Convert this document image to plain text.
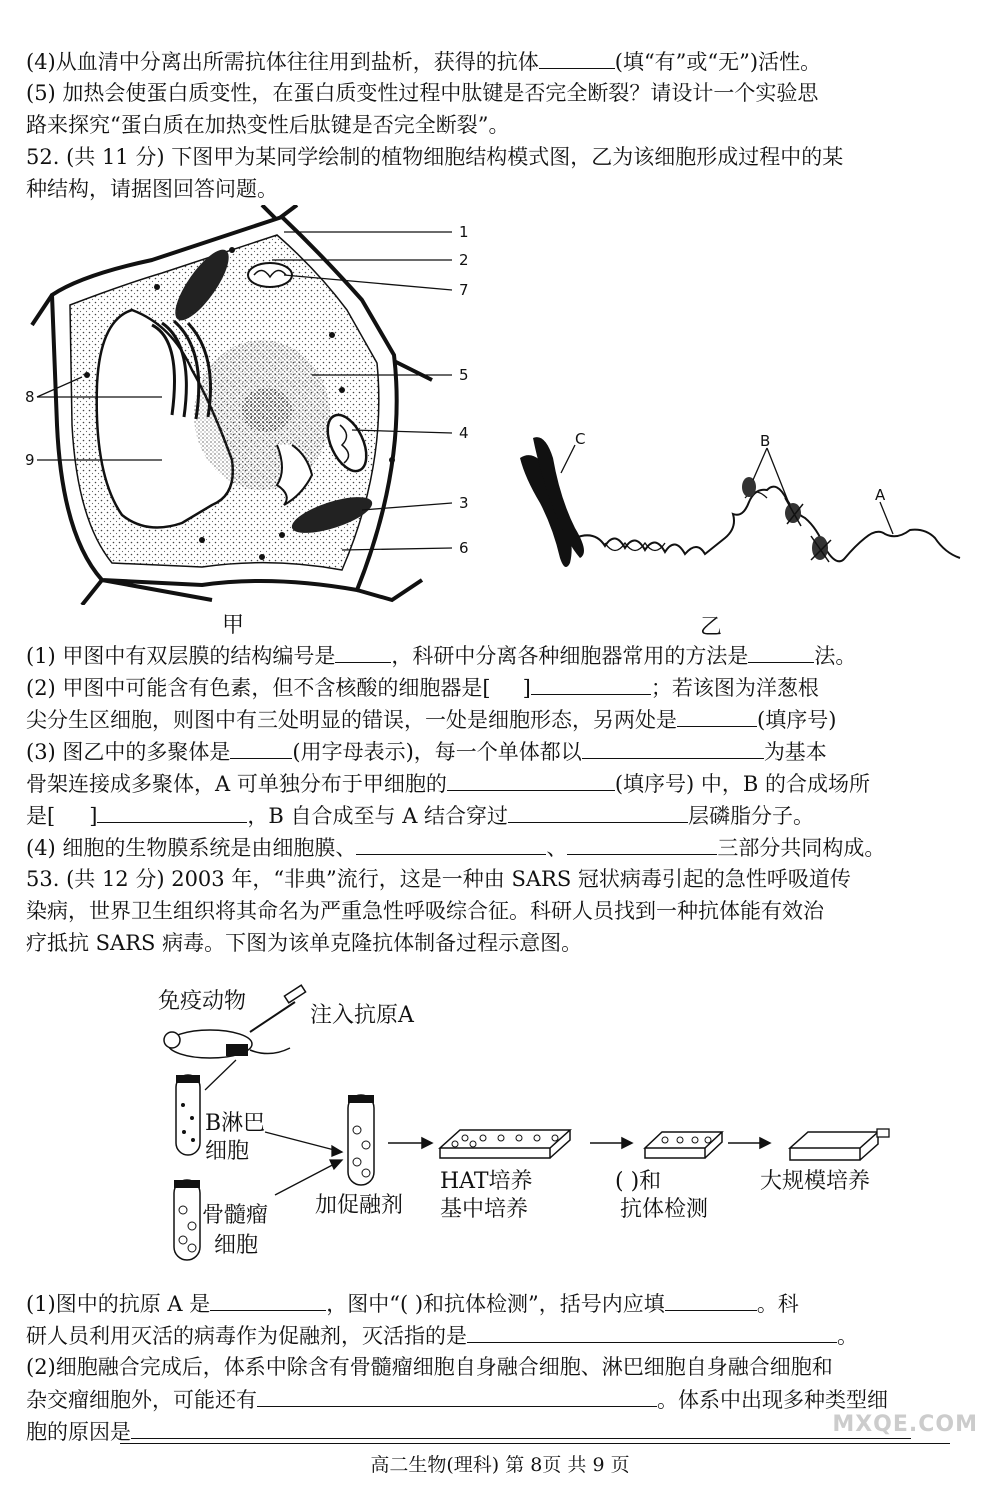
(4)从血清中分离出所需抗体往往用到盐析，获得的抗体	(填“有”或“无”)活性。
(5) 加热会使蛋白质变性，在蛋白质变性过程中肽键是否完全断裂？请设计一个实验思
路来探究“蛋白质在加热变性后肽键是否完全断裂”。
52. (共 11 分) 下图甲为某同学绘制的植物细胞结构模式图，乙为该细胞形成过程中的某
种结构，请据图回答问题。
1
2
7
5
4
3
6
8
9
甲
C	B
A
乙
(1) 甲图中有双层膜的结构编号是	，科研中分离各种细胞器常用的方法是	法。
(2) 甲图中可能含有色素，但不含核酸的细胞器是[ ]	；若该图为洋葱根
尖分生区细胞，则图中有三处明显的错误，一处是细胞形态，另两处是	(填序号)
(3) 图乙中的多聚体是	(用字母表示)，每一个单体都以	为基本
骨架连接成多聚体，A 可单独分布于甲细胞的	(填序号) 中，B 的合成场所
是[ ]	，B 自合成至与 A 结合穿过	层磷脂分子。
(4) 细胞的生物膜系统是由细胞膜、	、	三部分共同构成。
53. (共 12 分) 2003 年，“非典”流行，这是一种由 SARS 冠状病毒引起的急性呼吸道传
染病，世界卫生组织将其命名为严重急性呼吸综合征。科研人员找到一种抗体能有效治
疗抵抗 SARS 病毒。下图为该单克隆抗体制备过程示意图。
免疫动物
注入抗原A
B淋巴
细胞
骨髓瘤
细胞
加促融剂
HAT培养
基中培养
( )和
抗体检测
大规模培养
(1)图中的抗原 A 是	，图中“( )和抗体检测”，括号内应填	。科
研人员利用灭活的病毒作为促融剂，灭活指的是	。
(2)细胞融合完成后，体系中除含有骨髓瘤细胞自身融合细胞、淋巴细胞自身融合细胞和
杂交瘤细胞外，可能还有	。体系中出现多种类型细
胞的原因是
高二生物(理科) 第 8页 共 9 页
MXQE.COM
